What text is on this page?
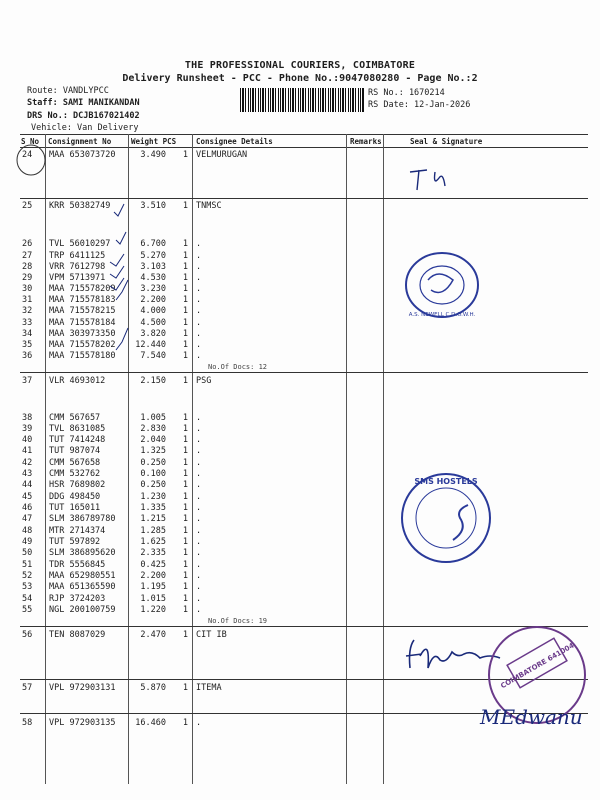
THE PROFESSIONAL COURIERS, COIMBATORE
Delivery Runsheet - PCC - Phone No.:9047080280 - Page No.:2
Route: VANDLYPCC
Staff: SAMI MANIKANDAN
DRS No.: DCJB167021402
Vehicle: Van Delivery
RS No.: 1670214
RS Date: 12-Jan-2026
S No Consignment No	Weight PCS	Consignee Details	Remarks	Seal & Signature
24	MAA 653073720	3.490	1 VELMURUGAN
25	KRR 50382749	3.510	1 TNMSC
26	TVL 56010297	6.700	1 .
27	TRP 6411125	5.270	1 .
28	VRR 7612798	3.103	1 .
29	VPM 5713971	4.530	1 .
30	MAA 715578209	3.230	1 .
31	MAA 715578183	2.200	1 .
32	MAA 715578215	4.000	1 .
33	MAA 715578184	4.500	1 .
34	MAA 303973350	3.820	1 .
35	MAA 715578202	12.440	1 .
36	MAA 715578180	7.540	1 .
37	VLR 4693012	2.150	1 PSG
38	CMM 567657	1.005	1 .
39	TVL 8631085	2.830	1 .
40	TUT 7414248	2.040	1 .
41	TUT 987074	1.325	1 .
42	CMM 567658	0.250	1 .
43	CMM 532762	0.100	1 .
44	HSR 7689802	0.250	1 .
45	DDG 498450	1.230	1 .
46	TUT 165011	1.335	1 .
47	SLM 386789780	1.215	1 .
48	MTR 2714374	1.285	1 .
49	TUT 597892	1.625	1 .
50	SLM 386895620	2.335	1 .
51	TDR 5556845	0.425	1 .
52	MAA 652980551	2.200	1 .
53	MAA 651365590	1.195	1 .
54	RJP 3724203	1.015	1 .
55	NGL 200100759	1.220	1 .
56	TEN 8087029	2.470	1 CIT IB
57	VPL 972903131	5.870	1 ITEMA
58	VPL 972903135	16.460	1 .
No.Of Docs: 12
No.Of Docs: 19
T. h.
A.S. NEWELL C.D.O.W.H.
SMS HOSTELS
COIMBATORE 641004
MEdwanu
